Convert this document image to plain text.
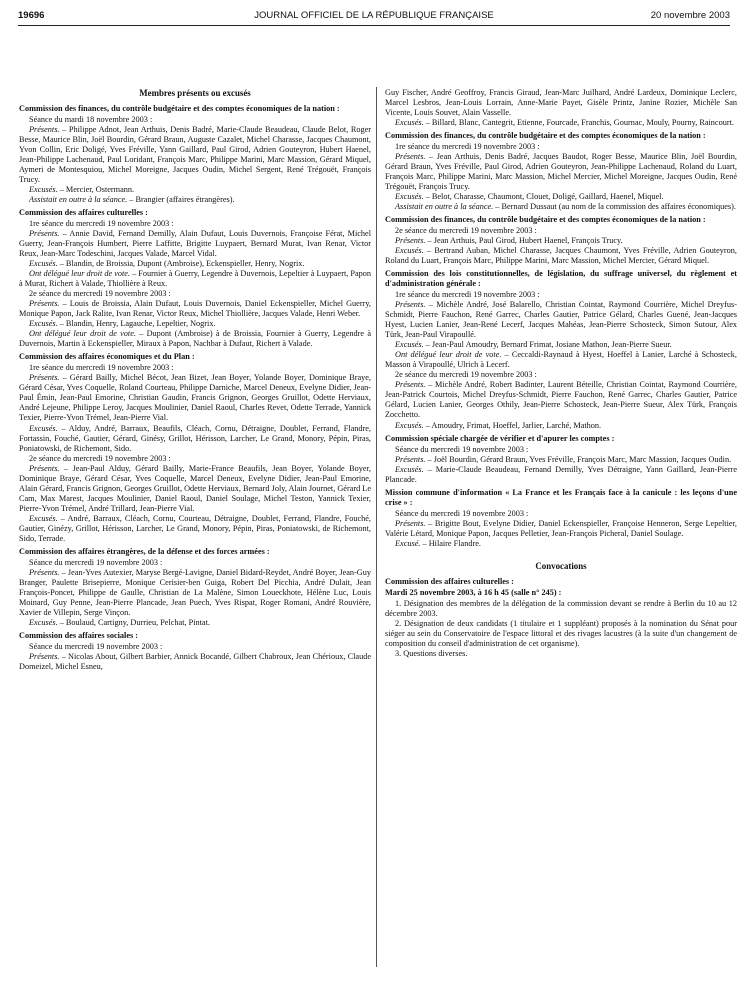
19696	JOURNAL OFFICIEL DE LA RÉPUBLIQUE FRANÇAISE	20 novembre 2003

Membres présents ou excusés

Commission des finances, du contrôle budgétaire et des comptes économiques de la nation :

Séance du mardi 18 novembre 2003 :

Présents. – Philippe Adnot, Jean Arthuis, Denis Badré, Marie-Claude Beaudeau, Claude Belot, Roger Besse, Maurice Blin, Joël Bourdin, Gérard Braun, Auguste Cazalet, Michel Charasse, Jacques Chaumont, Yvon Collin, Eric Doligé, Yves Fréville, Yann Gaillard, Paul Girod, Adrien Gouteyron, Hubert Haenel, Jean-Philippe Lachenaud, Paul Loridant, François Marc, Philippe Marini, Marc Massion, Gérard Miquel, Aymeri de Montesquiou, Michel Moreigne, Jacques Oudin, Michel Sergent, René Trégouët, François Trucy.

Excusés. – Mercier, Ostermann.

Assistait en outre à la séance. – Brangier (affaires étrangères).

Commission des affaires culturelles :

1re séance du mercredi 19 novembre 2003 :

Présents. – Annie David, Fernand Demilly, Alain Dufaut, Louis Duvernois, Françoise Férat, Michel Guerry, Jean-François Humbert, Pierre Laffitte, Brigitte Luypaert, Bernard Murat, Ivan Renar, Victor Reux, Jean-Marc Todeschini, Jacques Valade, Marcel Vidal.

Excusés. – Blandin, de Broissia, Dupont (Ambroise), Eckenspieller, Henry, Nogrix.

Ont délégué leur droit de vote. – Fournier à Guerry, Legendre à Duvernois, Lepeltier à Luypaert, Papon à Murat, Richert à Valade, Thiollière à Reux.

2e séance du mercredi 19 novembre 2003 :

Présents. – Louis de Broissia, Alain Dufaut, Louis Duvernois, Daniel Eckenspieller, Michel Guerry, Monique Papon, Jack Ralite, Ivan Renar, Victor Reux, Michel Thiollière, Jacques Valade, Henri Weber.

Excusés. – Blandin, Henry, Lagauche, Lepeltier, Nogrix.

Ont délégué leur droit de vote. – Dupont (Ambroise) à de Broissia, Fournier à Guerry, Legendre à Duvernois, Martin à Eckenspieller, Miraux à Papon, Nachbar à Dufaut, Richert à Valade.

Commission des affaires économiques et du Plan :

1re séance du mercredi 19 novembre 2003 :

Présents. – Gérard Bailly, Michel Bécot, Jean Bizet, Jean Boyer, Yolande Boyer, Dominique Braye, Gérard César, Yves Coquelle, Roland Courteau, Philippe Darniche, Marcel Deneux, Evelyne Didier, Jean-Paul Émin, Jean-Paul Emorine, Christian Gaudin, Francis Grignon, Georges Gruillot, Odette Herviaux, André Lejeune, Philippe Leroy, Jacques Moulinier, Daniel Raoul, Charles Revet, Odette Terrade, Yannick Texier, Pierre-Yvon Trémel, Jean-Pierre Vial.

Excusés. – Alduy, André, Barraux, Beaufils, Cléach, Cornu, Détraigne, Doublet, Ferrand, Flandre, Fortassin, Fouché, Gautier, Gérard, Ginésy, Grillot, Hérisson, Larcher, Le Grand, Monory, Pépin, Piras, Poniatowski, de Richemont, Sido.

2e séance du mercredi 19 novembre 2003 :

Présents. – Jean-Paul Alduy, Gérard Bailly, Marie-France Beaufils, Jean Boyer, Yolande Boyer, Dominique Braye, Gérard César, Yves Coquelle, Marcel Deneux, Evelyne Didier, Jean-Paul Emorine, Alain Gérard, Francis Grignon, Georges Gruillot, Odette Herviaux, Bernard Joly, Alain Journet, Gérard Le Cam, Max Marest, Jacques Moulinier, Daniel Raoul, Daniel Soulage, Michel Teston, Yannick Texier, Pierre-Yvon Trémel, André Trillard, Jean-Pierre Vial.

Excusés. – André, Barraux, Cléach, Cornu, Courteau, Détraigne, Doublet, Ferrand, Flandre, Fouché, Gautier, Ginézy, Grillot, Hérisson, Larcher, Le Grand, Monory, Pépin, Piras, Poniatowski, de Richemont, Sido, Terrade.

Commission des affaires étrangères, de la défense et des forces armées :

Séance du mercredi 19 novembre 2003 :

Présents. – Jean-Yves Autexier, Maryse Bergé-Lavigne, Daniel Bidard-Reydet, André Boyer, Jean-Guy Branger, Paulette Brisepierre, Monique Cerisier-ben Guiga, Robert Del Picchia, André Dulait, Jean François-Poncet, Philippe de Gaulle, Christian de La Malène, Simon Loueckhote, Hélène Luc, Louis Moinard, Guy Penne, Jean-Pierre Plancade, Jean Puech, Yves Rispat, Roger Romani, André Rouvière, Xavier de Villepin, Serge Vinçon.

Excusés. – Boulaud, Cartigny, Durrieu, Pelchat, Pintat.

Commission des affaires sociales :

Séance du mercredi 19 novembre 2003 :

Présents. – Nicolas About, Gilbert Barbier, Annick Bocandé, Gilbert Chabroux, Jean Chérioux, Claude Domeizel, Michel Esneu,

Guy Fischer, André Geoffroy, Francis Giraud, Jean-Marc Juilhard, André Lardeux, Dominique Leclerc, Marcel Lesbros, Jean-Louis Lorrain, Anne-Marie Payet, Gisèle Printz, Janine Rozier, Michèle San Vicente, Louis Souvet, Alain Vasselle.

Excusés. – Billard, Blanc, Cantegrit, Etienne, Fourcade, Franchis, Gournac, Mouly, Pourny, Raincourt.

Commission des finances, du contrôle budgétaire et des comptes économiques de la nation :

1re séance du mercredi 19 novembre 2003 :

Présents. – Jean Arthuis, Denis Badré, Jacques Baudot, Roger Besse, Maurice Blin, Joël Bourdin, Gérard Braun, Yves Fréville, Paul Girod, Adrien Gouteyron, Jean-Philippe Lachenaud, Roland du Luart, François Marc, Philippe Marini, Marc Massion, Michel Mercier, Michel Moreigne, Jacques Oudin, René Trégouët, François Trucy.

Excusés. – Belot, Charasse, Chaumont, Clouet, Doligé, Gaillard, Haenel, Miquel.

Assistait en outre à la séance. – Bernard Dussaut (au nom de la commission des affaires économiques).

Commission des finances, du contrôle budgétaire et des comptes économiques de la nation :

2e séance du mercredi 19 novembre 2003 :

Présents. – Jean Arthuis, Paul Girod, Hubert Haenel, François Trucy.

Excusés. – Bertrand Auban, Michel Charasse, Jacques Chaumont, Yves Fréville, Adrien Gouteyron, Roland du Luart, François Marc, Philippe Marini, Marc Massion, Michel Mercier, Gérard Miquel.

Commission des lois constitutionnelles, de législation, du suffrage universel, du règlement et d'administration générale :

1re séance du mercredi 19 novembre 2003 :

Présents. – Michèle André, José Balarello, Christian Cointat, Raymond Courrière, Michel Dreyfus-Schmidt, Pierre Fauchon, René Garrec, Charles Gautier, Patrice Gélard, Charles Guené, Jean-Jacques Hyest, Lucien Lanier, Jean-René Lecerf, Jacques Mahéas, Jean-Pierre Schosteck, Simon Sutour, Alex Türk, Jean-Paul Virapoullé.

Excusés. – Jean-Paul Amoudry, Bernard Frimat, Josiane Mathon, Jean-Pierre Sueur.

Ont délégué leur droit de vote. – Ceccaldi-Raynaud à Hyest, Hoeffel à Lanier, Larché à Schosteck, Masson à Virapoullé, Ulrich à Lecerf.

2e séance du mercredi 19 novembre 2003 :

Présents. – Michèle André, Robert Badinter, Laurent Béteille, Christian Cointat, Raymond Courrière, Jean-Patrick Courtois, Michel Dreyfus-Schmidt, Pierre Fauchon, René Garrec, Charles Gautier, Patrice Gélard, Lucien Lanier, Georges Othily, Jean-Pierre Schosteck, Jean-Pierre Sueur, Alex Türk, François Zocchetto.

Excusés. – Amoudry, Frimat, Hoeffel, Jarlier, Larché, Mathon.

Commission spéciale chargée de vérifier et d'apurer les comptes :

Séance du mercredi 19 novembre 2003 :

Présents. – Joël Bourdin, Gérard Braun, Yves Fréville, François Marc, Marc Massion, Jacques Oudin.

Excusés. – Marie-Claude Beaudeau, Fernand Demilly, Yves Détraigne, Yann Gaillard, Jean-Pierre Plancade.

Mission commune d'information « La France et les Français face à la canicule : les leçons d'une crise » :

Séance du mercredi 19 novembre 2003 :

Présents. – Brigitte Bout, Evelyne Didier, Daniel Eckenspieller, Françoise Henneron, Serge Lepeltier, Valérie Létard, Monique Papon, Jacques Pelletier, Jean-François Picheral, Daniel Soulage.

Excusé. – Hilaire Flandre.

Convocations

Commission des affaires culturelles :

Mardi 25 novembre 2003, à 16 h 45 (salle n° 245) :

1. Désignation des membres de la délégation de la commission devant se rendre à Berlin du 10 au 12 décembre 2003.

2. Désignation de deux candidats (1 titulaire et 1 suppléant) proposés à la nomination du Sénat pour siéger au sein du Conservatoire de l'espace littoral et des rivages lacustres (à la suite d'un changement de composition du conseil d'administration de cet organisme).

3. Questions diverses.
